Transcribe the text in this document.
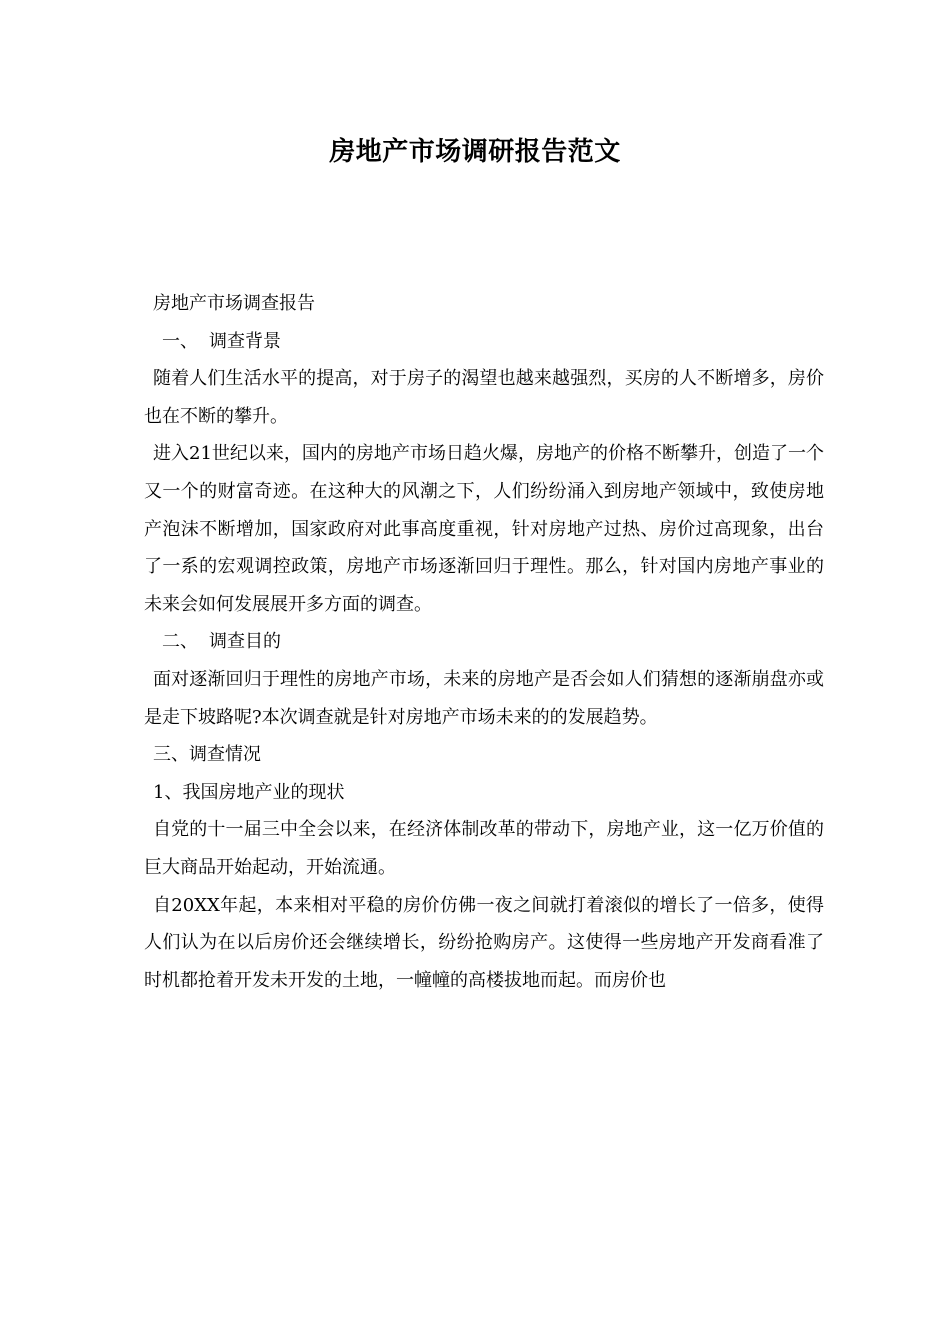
房地产市场调研报告范文

房地产市场调查报告

一、 调查背景

随着人们生活水平的提高，对于房子的渴望也越来越强烈，买房的人不断增多，房价也在不断的攀升。

进入21世纪以来，国内的房地产市场日趋火爆，房地产的价格不断攀升，创造了一个又一个的财富奇迹。在这种大的风潮之下，人们纷纷涌入到房地产领域中，致使房地产泡沫不断增加，国家政府对此事高度重视，针对房地产过热、房价过高现象，出台了一系的宏观调控政策，房地产市场逐渐回归于理性。那么，针对国内房地产事业的未来会如何发展展开多方面的调查。

二、 调查目的

面对逐渐回归于理性的房地产市场，未来的房地产是否会如人们猜想的逐渐崩盘亦或是走下坡路呢?本次调查就是针对房地产市场未来的的发展趋势。

三、调查情况

1、我国房地产业的现状

自党的十一届三中全会以来，在经济体制改革的带动下，房地产业，这一亿万价值的巨大商品开始起动，开始流通。

自20XX年起，本来相对平稳的房价仿佛一夜之间就打着滚似的增长了一倍多，使得人们认为在以后房价还会继续增长，纷纷抢购房产。这使得一些房地产开发商看准了时机都抢着开发未开发的土地，一幢幢的高楼拔地而起。而房价也
